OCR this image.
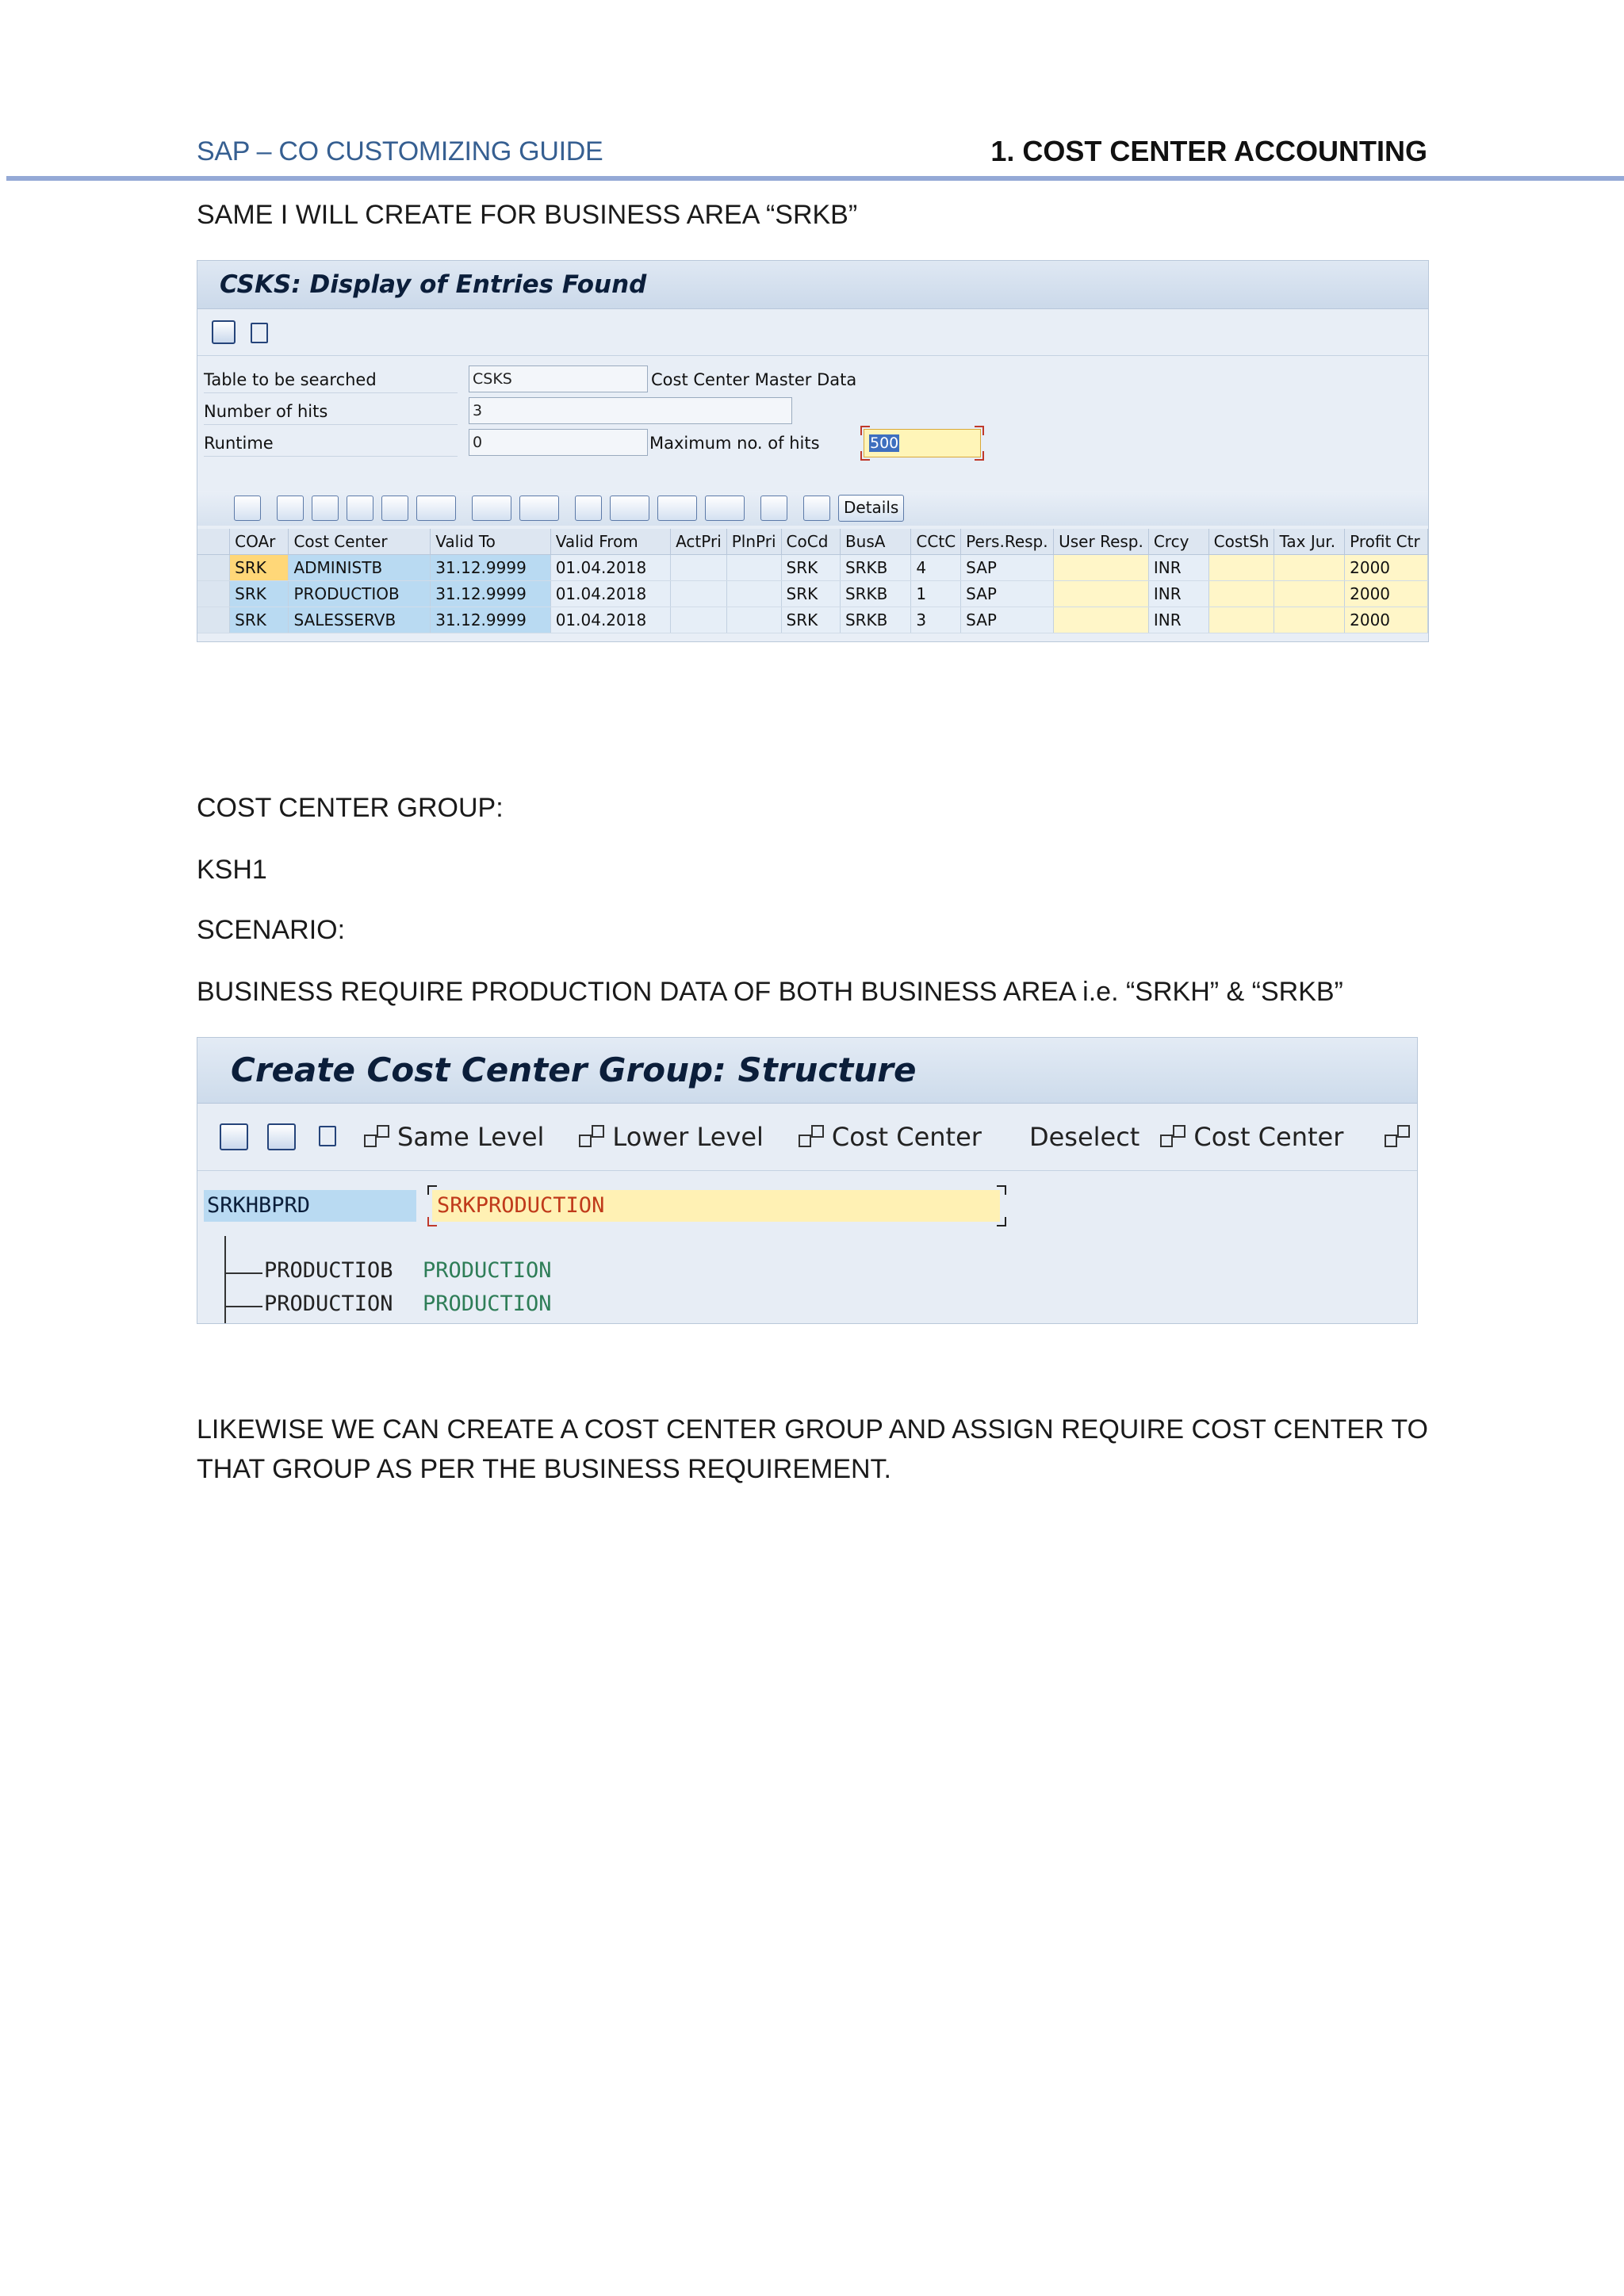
SAP – CO CUSTOMIZING GUIDE	1. COST CENTER ACCOUNTING
SAME I WILL CREATE FOR BUSINESS AREA “SRKB”
CSKS: Display of Entries Found
Table to be searched	CSKS	Cost Center Master Data
Number of hits	3
Runtime	0	Maximum no. of hits	500
Details
	COAr	Cost Center	Valid To	Valid From	ActPri	PlnPri	CoCd	BusA	CCtC	Pers.Resp.	User Resp.	Crcy	CostSh	Tax Jur.	Profit Ctr
	SRK	ADMINISTB	31.12.9999	01.04.2018			SRK	SRKB	4	SAP		INR			2000
	SRK	PRODUCTIOB	31.12.9999	01.04.2018			SRK	SRKB	1	SAP		INR			2000
	SRK	SALESSERVB	31.12.9999	01.04.2018			SRK	SRKB	3	SAP		INR			2000
COST CENTER GROUP:
KSH1
SCENARIO:
BUSINESS REQUIRE PRODUCTION DATA OF BOTH BUSINESS AREA i.e. “SRKH” & “SRKB”
Create Cost Center Group: Structure
Same Level	Lower Level	Cost Center Deselect Cost Center
SRKHBPRD	SRKPRODUCTION
PRODUCTIOB PRODUCTION
PRODUCTION PRODUCTION
LIKEWISE WE CAN CREATE A COST CENTER GROUP AND ASSIGN REQUIRE COST CENTER TO THAT GROUP AS PER THE BUSINESS REQUIREMENT.
